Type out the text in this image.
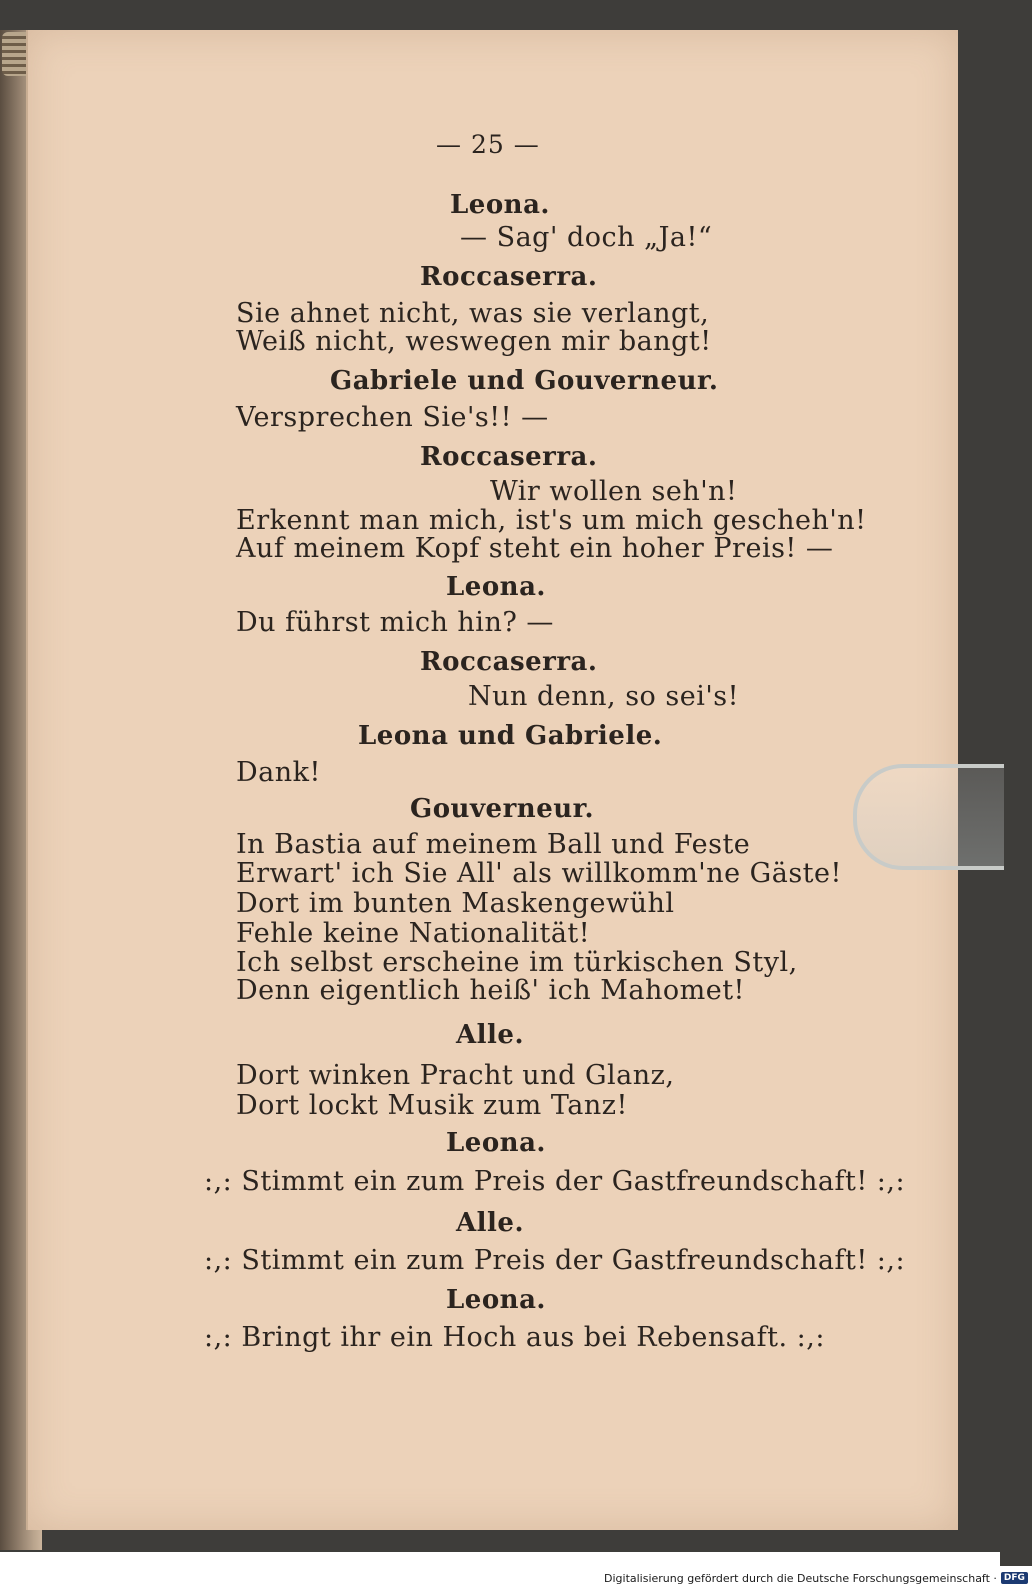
— 25 —
Leona.
— Sag' doch „Ja!“
Roccaserra.
Sie ahnet nicht, was sie verlangt,
Weiß nicht, weswegen mir bangt!
Gabriele und Gouverneur.
Versprechen Sie's!! —
Roccaserra.
Wir wollen seh'n!
Erkennt man mich, ist's um mich gescheh'n!
Auf meinem Kopf steht ein hoher Preis! —
Leona.
Du führst mich hin? —
Roccaserra.
Nun denn, so sei's!
Leona und Gabriele.
Dank!
Gouverneur.
In Bastia auf meinem Ball und Feste
Erwart' ich Sie All' als willkomm'ne Gäste!
Dort im bunten Maskengewühl
Fehle keine Nationalität!
Ich selbst erscheine im türkischen Styl,
Denn eigentlich heiß' ich Mahomet!
Alle.
Dort winken Pracht und Glanz,
Dort lockt Musik zum Tanz!
Leona.
:,: Stimmt ein zum Preis der Gastfreundschaft! :,:
Alle.
:,: Stimmt ein zum Preis der Gastfreundschaft! :,:
Leona.
:,: Bringt ihr ein Hoch aus bei Rebensaft. :,:
Digitalisierung gefördert durch die Deutsche Forschungsgemeinschaft · DFG
